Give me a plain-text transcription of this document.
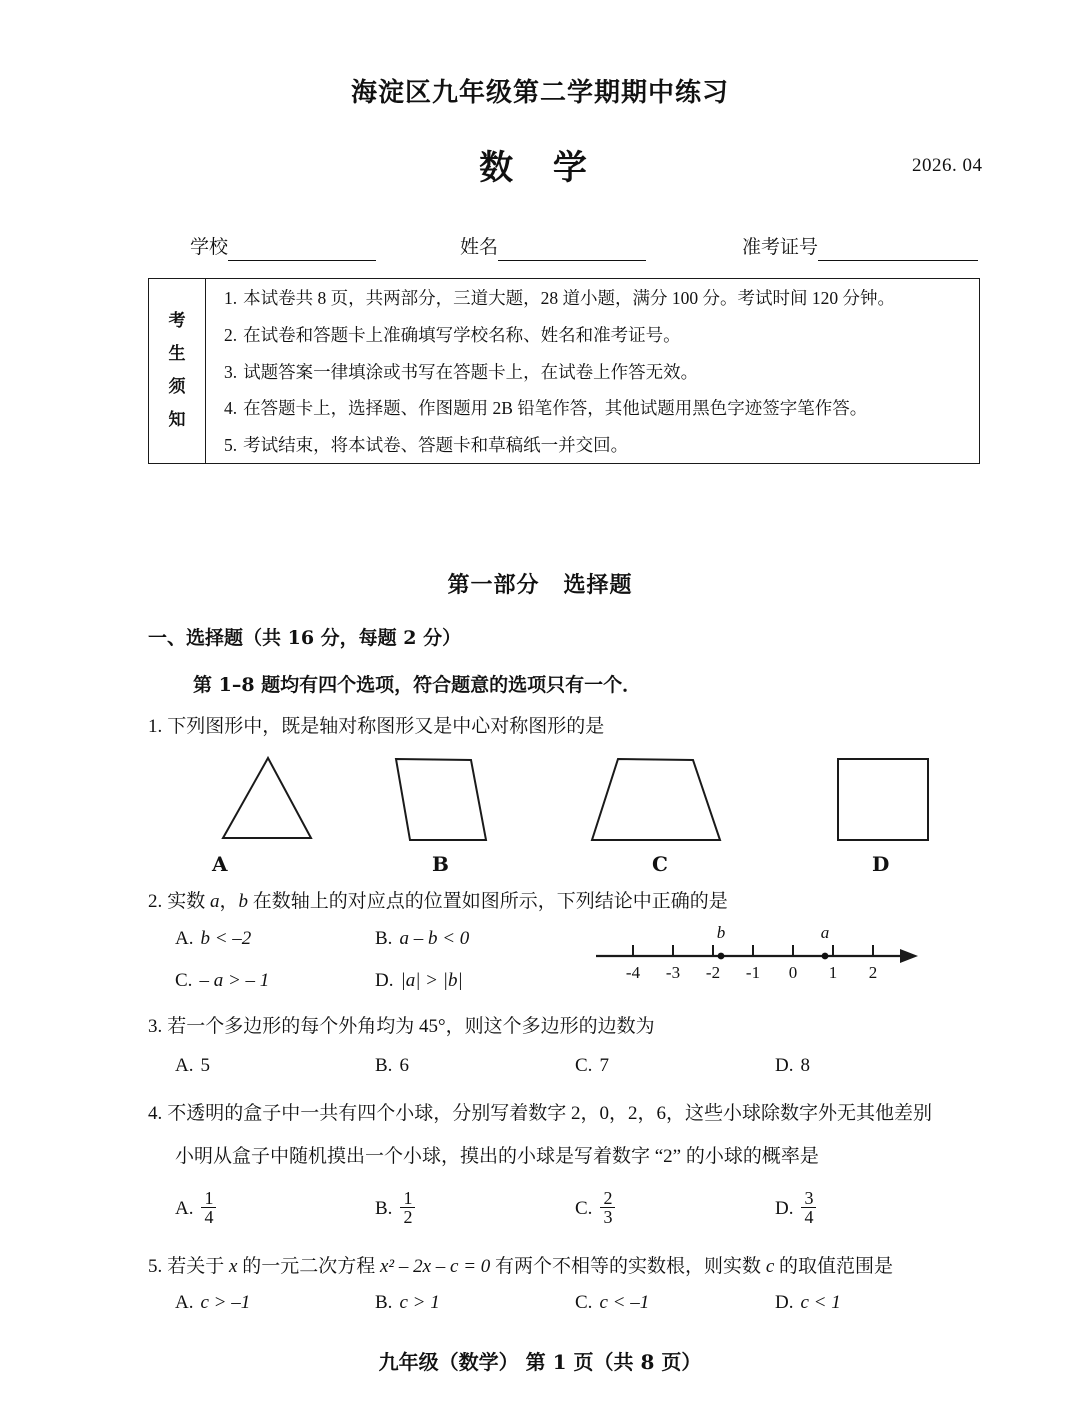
海淀区九年级第二学期期中练习
数 学	2026. 04
学校	姓名	准考证号
考
生
须
知
1. 本试卷共 8 页，共两部分，三道大题，28 道小题，满分 100 分。考试时间 120 分钟。
2. 在试卷和答题卡上准确填写学校名称、姓名和准考证号。
3. 试题答案一律填涂或书写在答题卡上，在试卷上作答无效。
4. 在答题卡上，选择题、作图题用 2B 铅笔作答，其他试题用黑色字迹签字笔作答。
5. 考试结束，将本试卷、答题卡和草稿纸一并交回。
第一部分 选择题
一、选择题（共 16 分，每题 2 分）
第 1–8 题均有四个选项，符合题意的选项只有一个．
1. 下列图形中，既是轴对称图形又是中心对称图形的是
A	B	C	D
2. 实数 a，b 在数轴上的对应点的位置如图所示，下列结论中正确的是
A. b < –2	B. a – b < 0
C. – a > – 1	D. |a| > |b|	-4 -3 -2 -1 0 1 2
b	a
3. 若一个多边形的每个外角均为 45°，则这个多边形的边数为
A. 5	B. 6	C. 7	D. 8
4. 不透明的盒子中一共有四个小球，分别写着数字 2，0，2，6，这些小球除数字外无其他差别
小明从盒子中随机摸出一个小球，摸出的小球是写着数字 “2” 的小球的概率是
A. $\frac{1}{4}$	B. $\frac{1}{2}$	C. $\frac{2}{3}$	D. $\frac{3}{4}$
5. 若关于 x 的一元二次方程 x² – 2x – c = 0 有两个不相等的实数根，则实数 c 的取值范围是
A. c > –1	B. c > 1	C. c < –1	D. c < 1
九年级（数学） 第 1 页（共 8 页）
